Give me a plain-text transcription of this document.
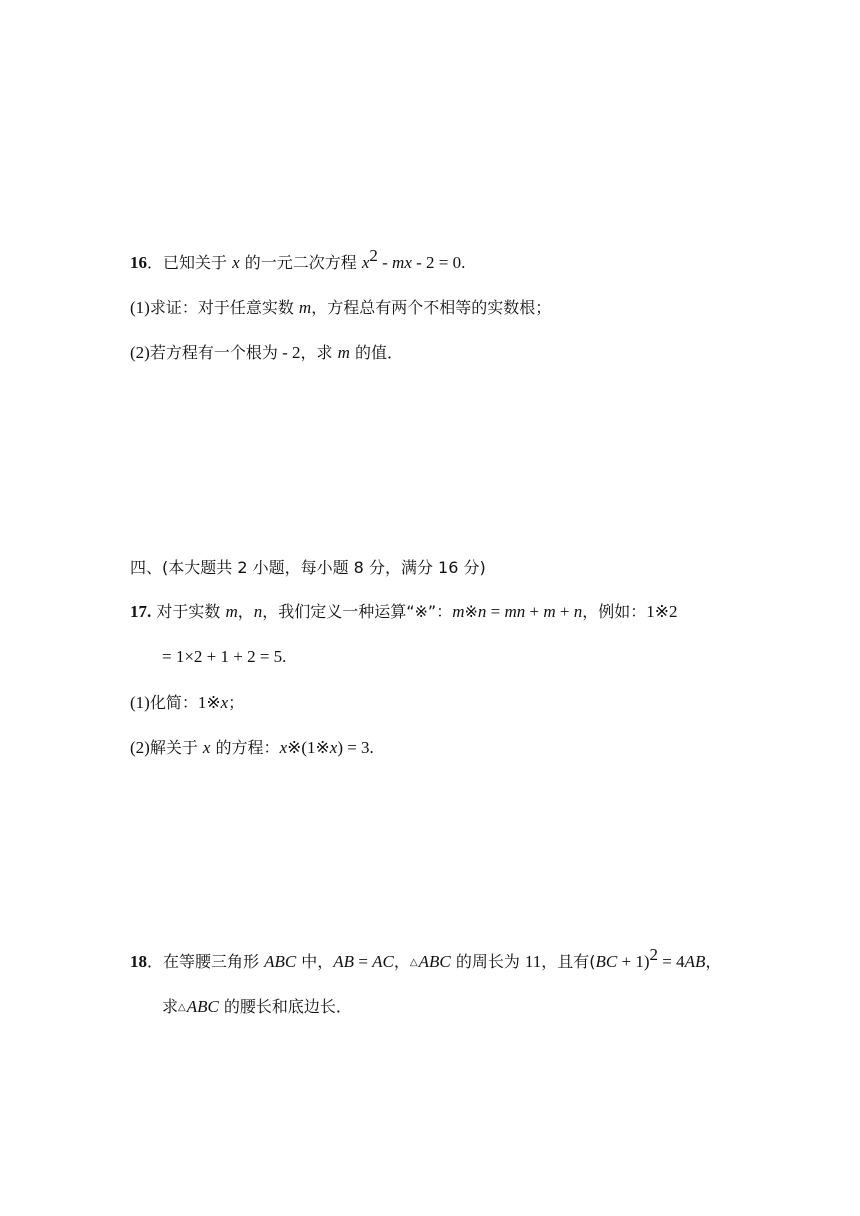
16．已知关于 x 的一元二次方程 $x^2$ - mx - 2 = 0.
(1)求证：对于任意实数 m，方程总有两个不相等的实数根；
(2)若方程有一个根为 - 2，求 m 的值．
四、(本大题共 2 小题，每小题 8 分，满分 16 分)
17. 对于实数 m，n，我们定义一种运算“※”：m※n = mn + m + n，例如：1※2
= 1×2 + 1 + 2 = 5.
(1)化简：1※x；
(2)解关于 x 的方程：x※(1※x) = 3.
18．在等腰三角形 ABC 中，AB = AC，△ABC 的周长为 11，且有(BC + 1)$^2$ = 4AB，
求△ABC 的腰长和底边长．
